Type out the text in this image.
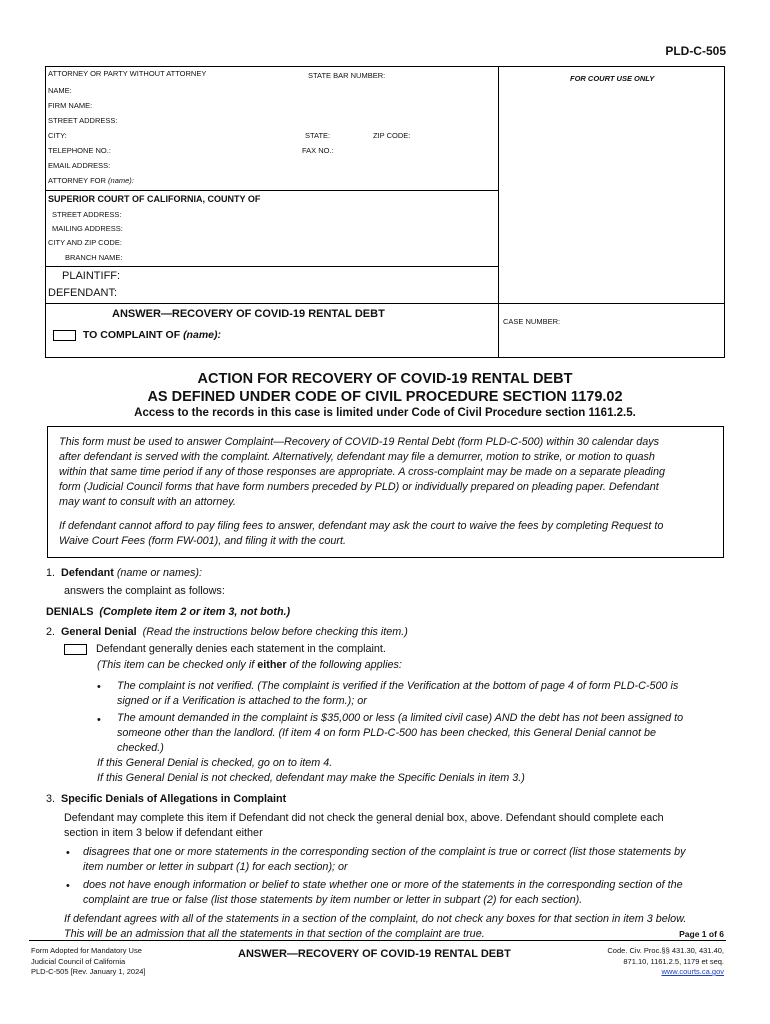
PLD-C-505
ATTORNEY OR PARTY WITHOUT ATTORNEY	STATE BAR NUMBER:	FOR COURT USE ONLY
NAME:
FIRM NAME:
STREET ADDRESS:
CITY:	STATE:	ZIP CODE:
TELEPHONE NO.:	FAX NO.:
EMAIL ADDRESS:
ATTORNEY FOR (name):
SUPERIOR COURT OF CALIFORNIA, COUNTY OF
STREET ADDRESS:
MAILING ADDRESS:
CITY AND ZIP CODE:
BRANCH NAME:
PLAINTIFF:
DEFENDANT:
ANSWER—RECOVERY OF COVID-19 RENTAL DEBT
TO COMPLAINT OF (name):
CASE NUMBER:
ACTION FOR RECOVERY OF COVID-19 RENTAL DEBT
AS DEFINED UNDER CODE OF CIVIL PROCEDURE SECTION 1179.02
Access to the records in this case is limited under Code of Civil Procedure section 1161.2.5.
This form must be used to answer Complaint—Recovery of COVID-19 Rental Debt (form PLD-C-500) within 30 calendar days
after defendant is served with the complaint. Alternatively, defendant may file a demurrer, motion to strike, or motion to quash
within that same time period if any of those responses are appropriate. A cross-complaint may be made on a separate pleading
form (Judicial Council forms that have form numbers preceded by PLD) or individually prepared on pleading paper. Defendant
may want to consult with an attorney.
If defendant cannot afford to pay filing fees to answer, defendant may ask the court to waive the fees by completing Request to
Waive Court Fees (form FW-001), and filing it with the court.
1. Defendant (name or names):
answers the complaint as follows:
DENIALS (Complete item 2 or item 3, not both.)
2. General Denial (Read the instructions below before checking this item.)
Defendant generally denies each statement in the complaint.
(This item can be checked only if either of the following applies:
• The complaint is not verified. (The complaint is verified if the Verification at the bottom of page 4 of form PLD-C-500 is
signed or if a Verification is attached to the form.); or
• The amount demanded in the complaint is $35,000 or less (a limited civil case) AND the debt has not been assigned to
someone other than the landlord. (If item 4 on form PLD-C-500 has been checked, this General Denial cannot be
checked.)
If this General Denial is checked, go on to item 4.
If this General Denial is not checked, defendant may make the Specific Denials in item 3.)
3. Specific Denials of Allegations in Complaint
Defendant may complete this item if Defendant did not check the general denial box, above. Defendant should complete each
section in item 3 below if defendant either
• disagrees that one or more statements in the corresponding section of the complaint is true or correct (list those statements by
item number or letter in subpart (1) for each section); or
• does not have enough information or belief to state whether one or more of the statements in the corresponding section of the
complaint are true or false (list those statements by item number or letter in subpart (2) for each section).
If defendant agrees with all of the statements in a section of the complaint, do not check any boxes for that section in item 3 below.
This will be an admission that all the statements in that section of the complaint are true.	Page 1 of 6
Form Adopted for Mandatory Use
Judicial Council of California
PLD-C-505 [Rev. January 1, 2024]
ANSWER—RECOVERY OF COVID-19 RENTAL DEBT	Code. Civ. Proc.§§ 431.30, 431.40,
871.10, 1161.2.5, 1179 et seq.
www.courts.ca.gov
